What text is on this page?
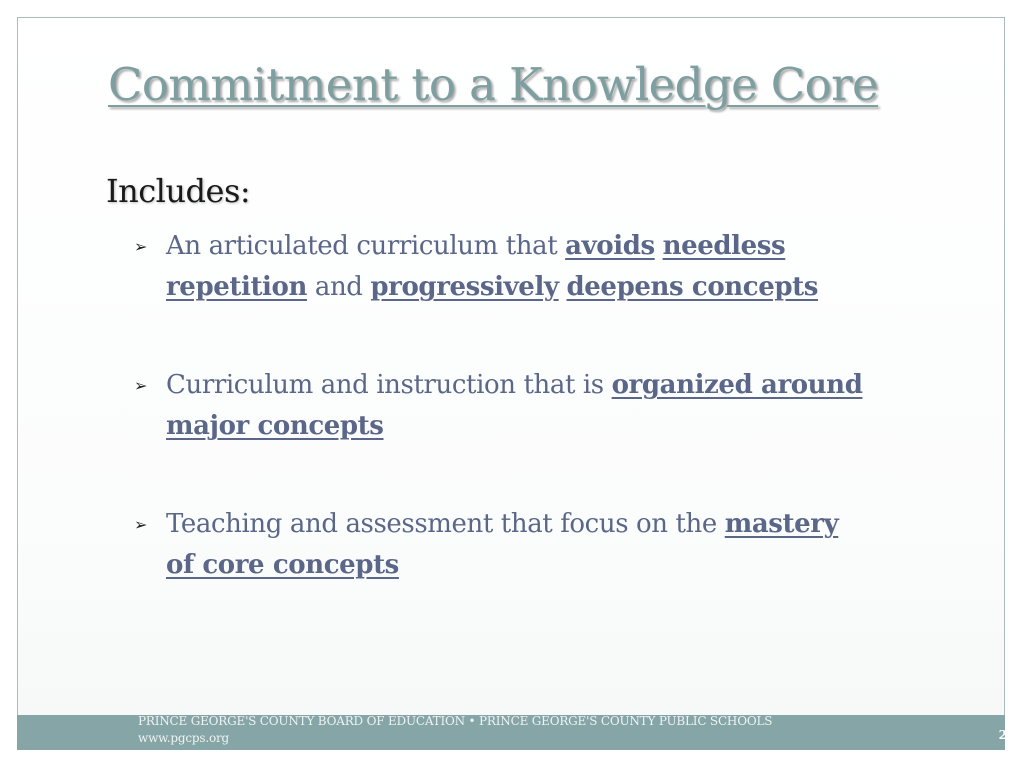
Commitment to a Knowledge Core
Includes:
➢ An articulated curriculum that avoids needless repetition and progressively deepens concepts
➢ Curriculum and instruction that is organized around major concepts
➢ Teaching and assessment that focus on the mastery of core concepts
PRINCE GEORGE'S COUNTY BOARD OF EDUCATION • PRINCE GEORGE'S COUNTY PUBLIC SCHOOLS
www.pgcps.org	2
